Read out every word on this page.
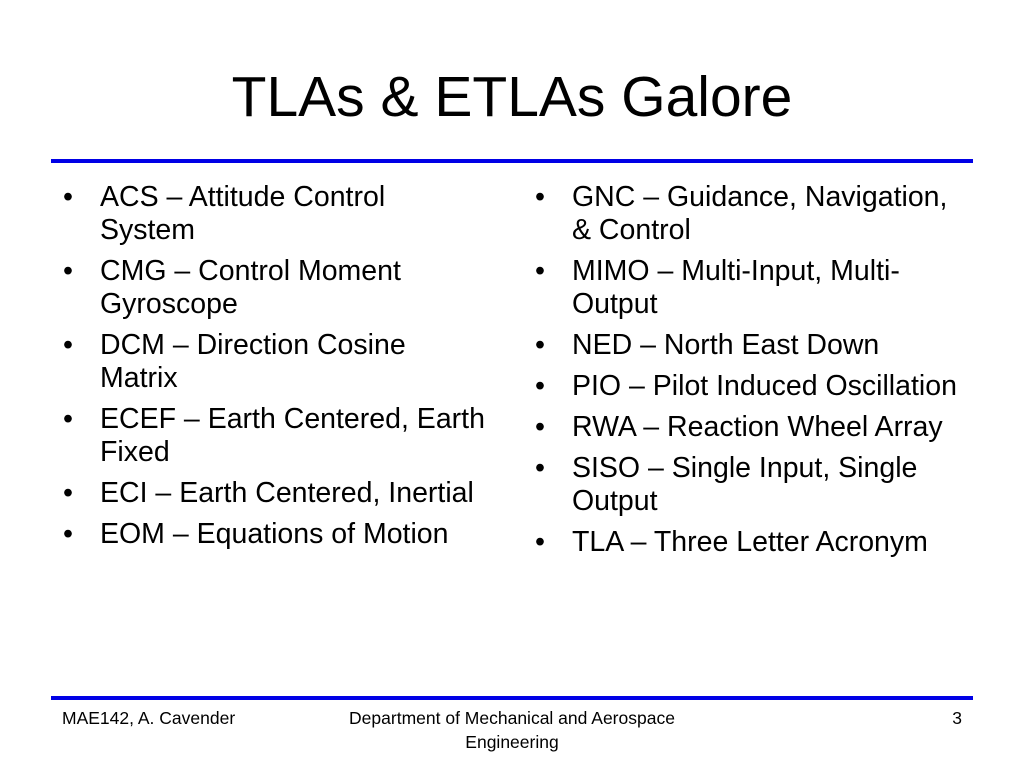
TLAs & ETLAs Galore
• ACS – Attitude Control System
• CMG – Control Moment Gyroscope
• DCM – Direction Cosine Matrix
• ECEF – Earth Centered, Earth Fixed
• ECI – Earth Centered, Inertial
• EOM – Equations of Motion
• GNC – Guidance, Navigation, & Control
• MIMO – Multi-Input, Multi-Output
• NED – North East Down
• PIO – Pilot Induced Oscillation
• RWA – Reaction Wheel Array
• SISO – Single Input, Single Output
• TLA – Three Letter Acronym
MAE142, A. Cavender	Department of Mechanical and Aerospace Engineering
3
